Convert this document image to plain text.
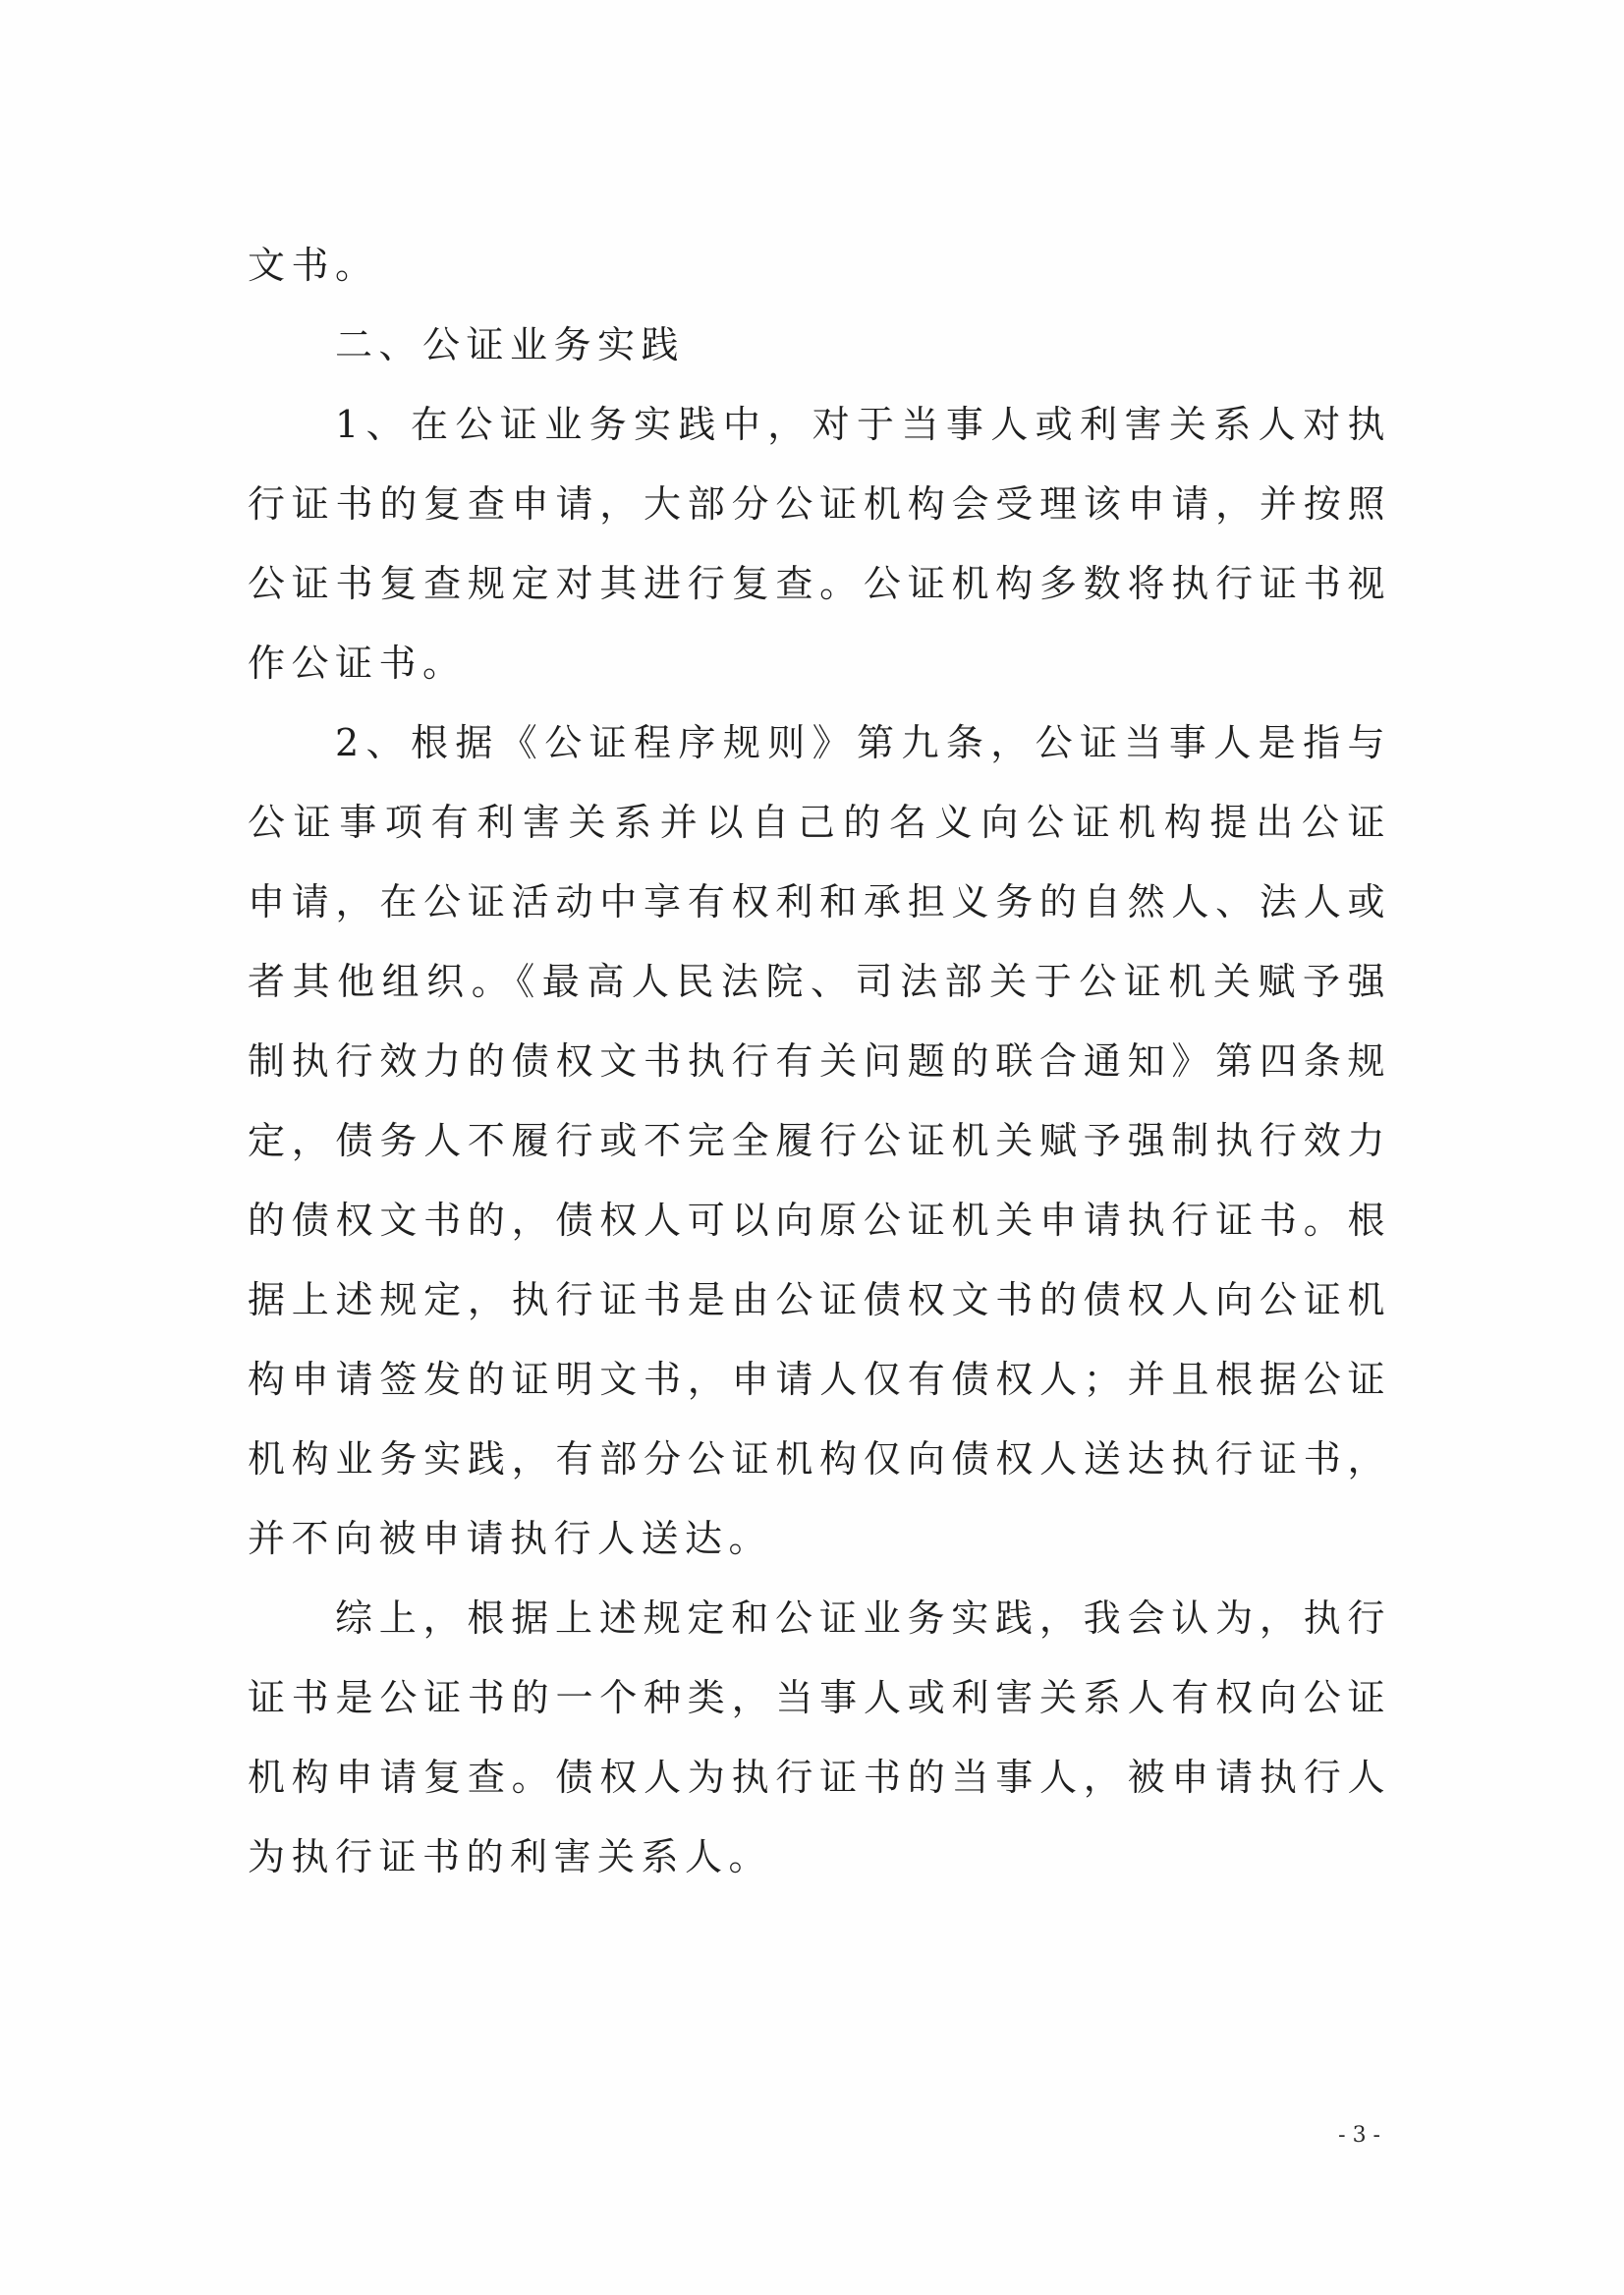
文书。
二、公证业务实践
1、在公证业务实践中，对于当事人或利害关系人对执
行证书的复查申请，大部分公证机构会受理该申请，并按照
公证书复查规定对其进行复查。公证机构多数将执行证书视
作公证书。
2、根据《公证程序规则》第九条，公证当事人是指与
公证事项有利害关系并以自己的名义向公证机构提出公证
申请，在公证活动中享有权利和承担义务的自然人、法人或
者其他组织。《最高人民法院、司法部关于公证机关赋予强
制执行效力的债权文书执行有关问题的联合通知》第四条规
定，债务人不履行或不完全履行公证机关赋予强制执行效力
的债权文书的，债权人可以向原公证机关申请执行证书。根
据上述规定，执行证书是由公证债权文书的债权人向公证机
构申请签发的证明文书，申请人仅有债权人；并且根据公证
机构业务实践，有部分公证机构仅向债权人送达执行证书，
并不向被申请执行人送达。
综上，根据上述规定和公证业务实践，我会认为，执行
证书是公证书的一个种类，当事人或利害关系人有权向公证
机构申请复查。债权人为执行证书的当事人，被申请执行人
为执行证书的利害关系人。
- 3 -
